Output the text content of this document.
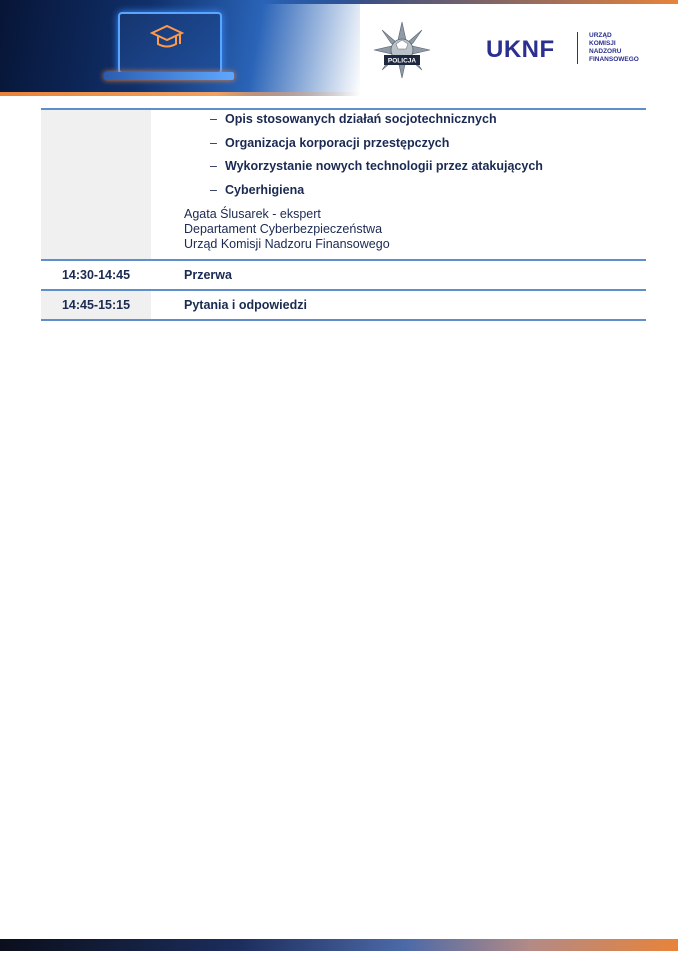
POLICJA	UKNF
URZĄD
KOMISJI
NADZORU
FINANSOWEGO
– Opis stosowanych działań socjotechnicznych
– Organizacja korporacji przestępczych
– Wykorzystanie nowych technologii przez atakujących
– Cyberhigiena
Agata Ślusarek - ekspert
Departament Cyberbezpieczeństwa
Urząd Komisji Nadzoru Finansowego
14:30-14:45	Przerwa
14:45-15:15	Pytania i odpowiedzi
